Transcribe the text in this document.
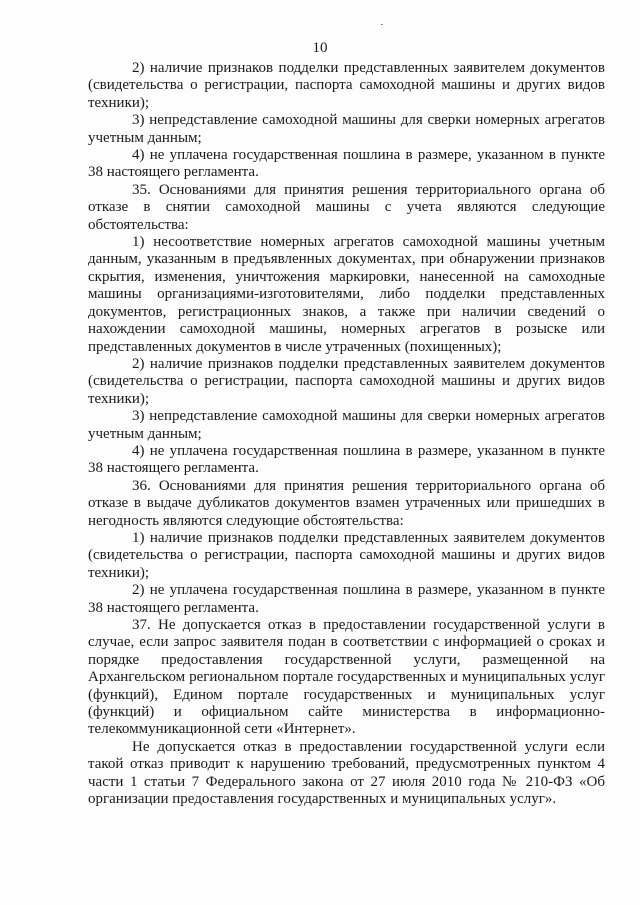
10

2) наличие признаков подделки представленных заявителем документов (свидетельства о регистрации, паспорта самоходной машины и других видов техники);

3) непредставление самоходной машины для сверки номерных агрегатов учетным данным;

4) не уплачена государственная пошлина в размере, указанном в пункте 38 настоящего регламента.

35. Основаниями для принятия решения территориального органа об отказе в снятии самоходной машины с учета являются следующие обстоятельства:

1) несоответствие номерных агрегатов самоходной машины учетным данным, указанным в предъявленных документах, при обнаружении признаков скрытия, изменения, уничтожения маркировки, нанесенной на самоходные машины организациями-изготовителями, либо подделки представленных документов, регистрационных знаков, а также при наличии сведений о нахождении самоходной машины, номерных агрегатов в розыске или представленных документов в числе утраченных (похищенных);

2) наличие признаков подделки представленных заявителем документов (свидетельства о регистрации, паспорта самоходной машины и других видов техники);

3) непредставление самоходной машины для сверки номерных агрегатов учетным данным;

4) не уплачена государственная пошлина в размере, указанном в пункте 38 настоящего регламента.

36. Основаниями для принятия решения территориального органа об отказе в выдаче дубликатов документов взамен утраченных или пришедших в негодность являются следующие обстоятельства:

1) наличие признаков подделки представленных заявителем документов (свидетельства о регистрации, паспорта самоходной машины и других видов техники);

2) не уплачена государственная пошлина в размере, указанном в пункте 38 настоящего регламента.

37. Не допускается отказ в предоставлении государственной услуги в случае, если запрос заявителя подан в соответствии с информацией о сроках и порядке предоставления государственной услуги, размещенной на Архангельском региональном портале государственных и муниципальных услуг (функций), Едином портале государственных и муниципальных услуг (функций) и официальном сайте министерства в информационно-телекоммуникационной сети «Интернет».

Не допускается отказ в предоставлении государственной услуги если такой отказ приводит к нарушению требований, предусмотренных пунктом 4 части 1 статьи 7 Федерального закона от 27 июля 2010 года № 210-ФЗ «Об организации предоставления государственных и муниципальных услуг».
